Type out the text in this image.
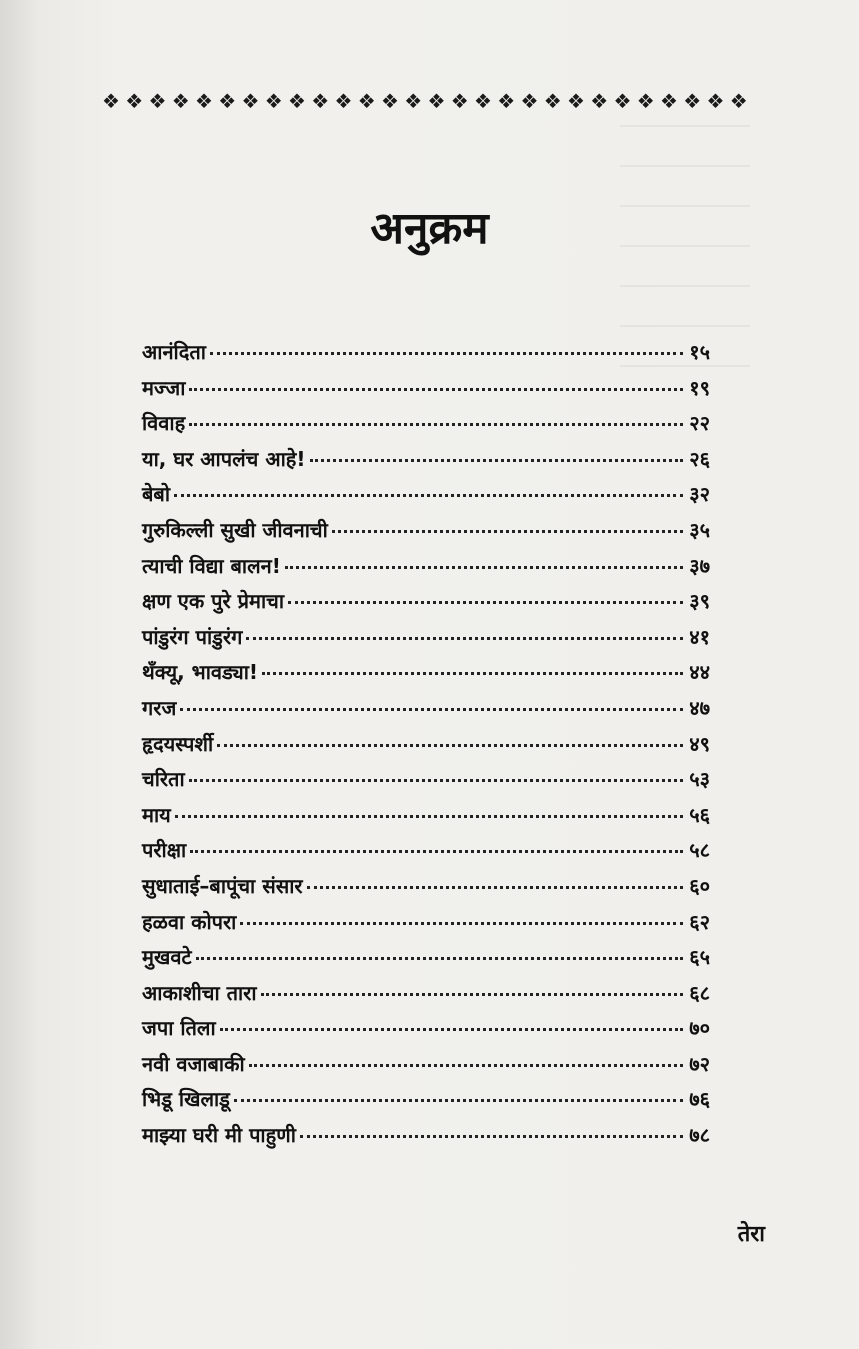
❖ ❖ ❖ ❖ ❖ ❖ ❖ ❖ ❖ ❖ ❖ ❖ ❖ ❖ ❖ ❖ ❖ ❖ ❖ ❖ ❖ ❖ ❖ ❖ ❖ ❖ ❖ ❖
अनुक्रम
आनंदिता	१५
मज्जा	१९
विवाह	२२
या, घर आपलंच आहे!	२६
बेबो	३२
गुरुकिल्ली सुखी जीवनाची	३५
त्याची विद्या बालन!	३७
क्षण एक पुरे प्रेमाचा	३९
पांडुरंग पांडुरंग	४१
थँक्यू, भावड्या!	४४
गरज	४७
हृदयस्पर्शी	४९
चरिता	५३
माय	५६
परीक्षा	५८
सुधाताई–बापूंचा संसार	६०
हळवा कोपरा	६२
मुखवटे	६५
आकाशीचा तारा	६८
जपा तिला	७०
नवी वजाबाकी	७२
भिडू खिलाडू	७६
माझ्या घरी मी पाहुणी	७८
तेरा
